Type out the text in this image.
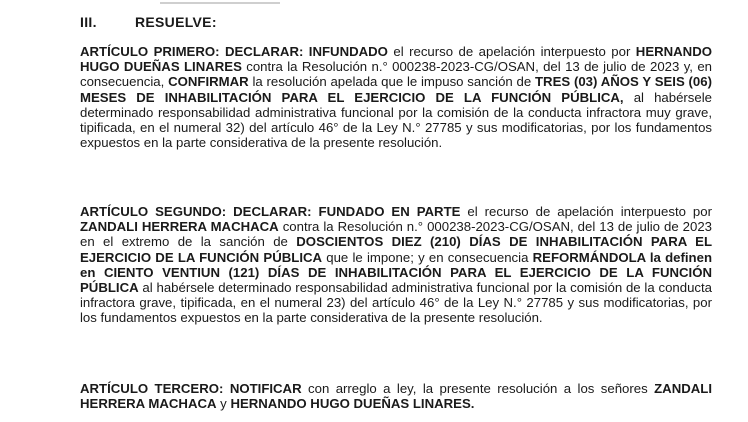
III.	RESUELVE:

ARTÍCULO PRIMERO: DECLARAR: INFUNDADO el recurso de apelación interpuesto por HERNANDO HUGO DUEÑAS LINARES contra la Resolución n.° 000238-2023-CG/OSAN, del 13 de julio de 2023 y, en consecuencia, CONFIRMAR la resolución apelada que le impuso sanción de TRES (03) AÑOS Y SEIS (06) MESES DE INHABILITACIÓN PARA EL EJERCICIO DE LA FUNCIÓN PÚBLICA, al habérsele determinado responsabilidad administrativa funcional por la comisión de la conducta infractora muy grave, tipificada, en el numeral 32) del artículo 46° de la Ley N.° 27785 y sus modificatorias, por los fundamentos expuestos en la parte considerativa de la presente resolución.

ARTÍCULO SEGUNDO: DECLARAR: FUNDADO EN PARTE el recurso de apelación interpuesto por ZANDALI HERRERA MACHACA contra la Resolución n.° 000238-2023-CG/OSAN, del 13 de julio de 2023 en el extremo de la sanción de DOSCIENTOS DIEZ (210) DÍAS DE INHABILITACIÓN PARA EL EJERCICIO DE LA FUNCIÓN PÚBLICA que le impone; y en consecuencia REFORMÁNDOLA la definen en CIENTO VENTIUN (121) DÍAS DE INHABILITACIÓN PARA EL EJERCICIO DE LA FUNCIÓN PÚBLICA al habérsele determinado responsabilidad administrativa funcional por la comisión de la conducta infractora grave, tipificada, en el numeral 23) del artículo 46° de la Ley N.° 27785 y sus modificatorias, por los fundamentos expuestos en la parte considerativa de la presente resolución.

ARTÍCULO TERCERO: NOTIFICAR con arreglo a ley, la presente resolución a los señores ZANDALI HERRERA MACHACA y HERNANDO HUGO DUEÑAS LINARES.
